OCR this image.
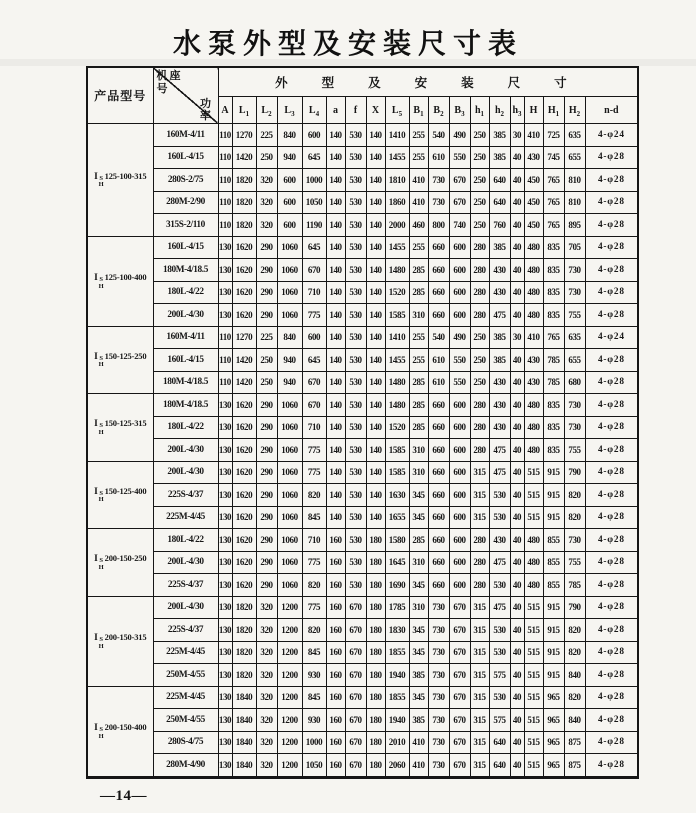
水泵外型及安装尺寸表
产品型号	机座号
功率	外型及安装尺寸																		
		A	$L_1$	$L_2$	$L_3$	$L_4$	a	f	X	$L_5$	$B_1$	$B_2$	$B_3$	$h_1$	$h_2$	$h_3$	H	$H_1$	$H_2$	n-d
I S
H
125-100-315	160M-4/11	110	1270	225	840	600	140	530	140	1410	255	540	490	250	385	30	410	725	635	4-φ24
	160L-4/15	110	1420	250	940	645	140	530	140	1455	255	610	550	250	385	40	430	745	655	4-φ28
	280S-2/75	110	1820	320	600	1000	140	530	140	1810	410	730	670	250	640	40	450	765	810	4-φ28
	280M-2/90	110	1820	320	600	1050	140	530	140	1860	410	730	670	250	640	40	450	765	810	4-φ28
	315S-2/110	110	1820	320	600	1190	140	530	140	2000	460	800	740	250	760	40	450	765	895	4-φ28
I S
H
125-100-400	160L-4/15	130	1620	290	1060	645	140	530	140	1455	255	660	600	280	385	40	480	835	705	4-φ28
	180M-4/18.5	130	1620	290	1060	670	140	530	140	1480	285	660	600	280	430	40	480	835	730	4-φ28
	180L-4/22	130	1620	290	1060	710	140	530	140	1520	285	660	600	280	430	40	480	835	730	4-φ28
	200L-4/30	130	1620	290	1060	775	140	530	140	1585	310	660	600	280	475	40	480	835	755	4-φ28
I S
H
150-125-250	160M-4/11	110	1270	225	840	600	140	530	140	1410	255	540	490	250	385	30	410	765	635	4-φ24
	160L-4/15	110	1420	250	940	645	140	530	140	1455	255	610	550	250	385	40	430	785	655	4-φ28
	180M-4/18.5	110	1420	250	940	670	140	530	140	1480	285	610	550	250	430	40	430	785	680	4-φ28
I S
H
150-125-315	180M-4/18.5	130	1620	290	1060	670	140	530	140	1480	285	660	600	280	430	40	480	835	730	4-φ28
	180L-4/22	130	1620	290	1060	710	140	530	140	1520	285	660	600	280	430	40	480	835	730	4-φ28
	200L-4/30	130	1620	290	1060	775	140	530	140	1585	310	660	600	280	475	40	480	835	755	4-φ28
I S
H
150-125-400	200L-4/30	130	1620	290	1060	775	140	530	140	1585	310	660	600	315	475	40	515	915	790	4-φ28
	225S-4/37	130	1620	290	1060	820	140	530	140	1630	345	660	600	315	530	40	515	915	820	4-φ28
	225M-4/45	130	1620	290	1060	845	140	530	140	1655	345	660	600	315	530	40	515	915	820	4-φ28
I S
H
200-150-250	180L-4/22	130	1620	290	1060	710	160	530	180	1580	285	660	600	280	430	40	480	855	730	4-φ28
	200L-4/30	130	1620	290	1060	775	160	530	180	1645	310	660	600	280	475	40	480	855	755	4-φ28
	225S-4/37	130	1620	290	1060	820	160	530	180	1690	345	660	600	280	530	40	480	855	785	4-φ28
I S
H
200-150-315	200L-4/30	130	1820	320	1200	775	160	670	180	1785	310	730	670	315	475	40	515	915	790	4-φ28
	225S-4/37	130	1820	320	1200	820	160	670	180	1830	345	730	670	315	530	40	515	915	820	4-φ28
	225M-4/45	130	1820	320	1200	845	160	670	180	1855	345	730	670	315	530	40	515	915	820	4-φ28
	250M-4/55	130	1820	320	1200	930	160	670	180	1940	385	730	670	315	575	40	515	915	840	4-φ28
I S
H
200-150-400	225M-4/45	130	1840	320	1200	845	160	670	180	1855	345	730	670	315	530	40	515	965	820	4-φ28
	250M-4/55	130	1840	320	1200	930	160	670	180	1940	385	730	670	315	575	40	515	965	840	4-φ28
	280S-4/75	130	1840	320	1200	1000	160	670	180	2010	410	730	670	315	640	40	515	965	875	4-φ28
	280M-4/90	130	1840	320	1200	1050	160	670	180	2060	410	730	670	315	640	40	515	965	875	4-φ28
—14—
